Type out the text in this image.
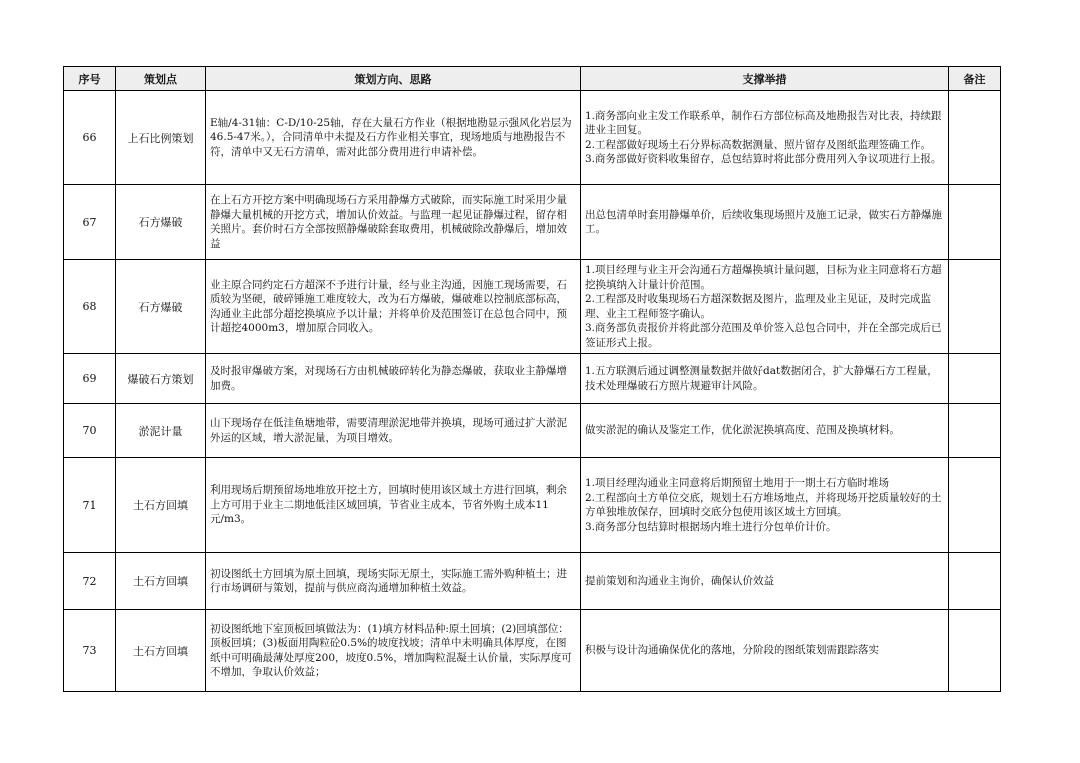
序号	策划点	策划方向、思路	支撑举措	备注
66	上石比例策划	E轴/4-31轴：C-D/10-25轴，存在大量石方作业（根据地勘显示强风化岩层为46.5-47米。），合同清单中未提及石方作业相关事宜，现场地质与地勘报告不符，清单中又无石方清单，需对此部分费用进行申请补偿。	1.商务部向业主发工作联系单，制作石方部位标高及地勘报告对比表，持续跟进业主回复。
2.工程部做好现场土石分界标高数据测量、照片留存及图纸监理签确工作。
3.商务部做好资料收集留存，总包结算时将此部分费用列入争议项进行上报。	

67	石方爆破	在上石方开挖方案中明确现场石方采用静爆方式破除，而实际施工时采用少量静爆大量机械的开挖方式，增加认价效益。与监理一起见证静爆过程，留存相关照片。套价时石方全部按照静爆破除套取费用，机械破除改静爆后，增加效益	出总包清单时套用静爆单价，后续收集现场照片及施工记录，做实石方静爆施工。	

68	石方爆破	业主原合同约定石方超深不予进行计量，经与业主沟通，因施工现场需要，石质较为坚硬，破碎锤施工难度较大，改为石方爆破，爆破难以控制底部标高，沟通业主此部分超挖换填应予以计量；并将单价及范围签订在总包合同中，预计超挖4000m3，增加原合同收入。	1.项目经理与业主开会沟通石方超爆换填计量问题，目标为业主同意将石方超挖换填纳入计量计价范围。
2.工程部及时收集现场石方超深数据及图片，监理及业主见证，及时完成监理、业主工程师签字确认。
3.商务部负责报价并将此部分范围及单价签入总包合同中，并在全部完成后已签证形式上报。	

69	爆破石方策划	及时报审爆破方案，对现场石方由机械破碎转化为静态爆破，获取业主静爆增加费。	1.五方联测后通过调整测量数据并做好dat数据闭合，扩大静爆石方工程量，技术处理爆破石方照片规避审计风险。	

70	淤泥计量	山下现场存在低洼鱼塘地带，需要清理淤泥地带并换填，现场可通过扩大淤泥外运的区域，增大淤泥量，为项目增效。	做实淤泥的确认及鉴定工作，优化淤泥换填高度、范围及换填材料。	

71	土石方回填	利用现场后期预留场地堆放开挖土方，回填时使用该区域土方进行回填，剩余上方可用于业主二期地低洼区域回填，节省业主成本，节省外购土成本11元/m3。	1.项目经理沟通业主同意将后期预留土地用于一期土石方临时堆场
2.工程部向土方单位交底，规划土石方堆场地点，并将现场开挖质量较好的土方单独堆放保存，回填时交底分包使用该区域土方回填。
3.商务部分包结算时根据场内堆土进行分包单价计价。	

72	土石方回填	初设图纸土方回填为原土回填，现场实际无原土，实际施工需外购种植土；进行市场调研与策划，提前与供应商沟通增加种植土效益。	提前策划和沟通业主询价，确保认价效益	

73	土石方回填	初设图纸地下室顶板回填做法为：(1)填方材料品种:原土回填；(2)回填部位：顶板回填；(3)板面用陶粒砼0.5%的坡度找坡；清单中未明确具体厚度，在图纸中可明确最薄处厚度200，坡度0.5%，增加陶粒混凝土认价量，实际厚度可不增加，争取认价效益；	积极与设计沟通确保优化的落地，分阶段的图纸策划需跟踪落实	
